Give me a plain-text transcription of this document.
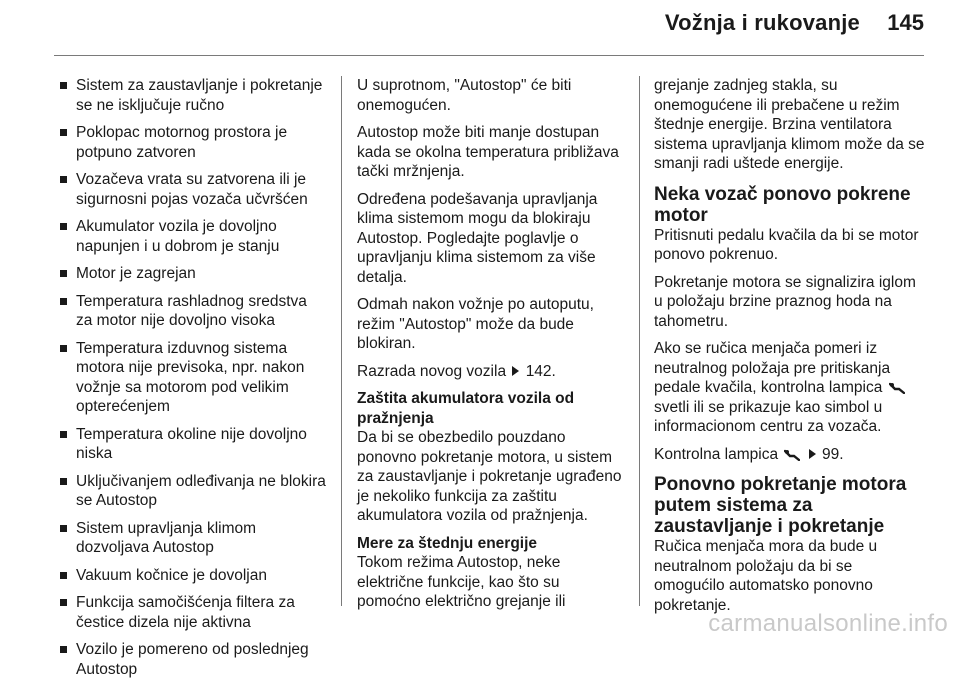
Vožnja i rukovanje	145
Sistem za zaustavljanje i pokretanje se ne isključuje ručno
Poklopac motornog prostora je potpuno zatvoren
Vozačeva vrata su zatvorena ili je sigurnosni pojas vozača učvršćen
Akumulator vozila je dovoljno napunjen i u dobrom je stanju
Motor je zagrejan
Temperatura rashladnog sredstva za motor nije dovoljno visoka
Temperatura izduvnog sistema motora nije previsoka, npr. nakon vožnje sa motorom pod velikim opterećenjem
Temperatura okoline nije dovoljno niska
Uključivanjem odleđivanja ne blokira se Autostop
Sistem upravljanja klimom dozvoljava Autostop
Vakuum kočnice je dovoljan
Funkcija samočišćenja filtera za čestice dizela nije aktivna
Vozilo je pomereno od poslednjeg Autostop

U suprotnom, "Autostop" će biti onemogućen.

Autostop može biti manje dostupan kada se okolna temperatura približava tački mržnjenja.

Određena podešavanja upravljanja klima sistemom mogu da blokiraju Autostop. Pogledajte poglavlje o upravljanju klima sistemom za više detalja.

Odmah nakon vožnje po autoputu, režim "Autostop" može da bude blokiran.

Razrada novog vozila 142.

Zaštita akumulatora vozila od pražnjenja

Da bi se obezbedilo pouzdano ponovno pokretanje motora, u sistem za zaustavljanje i pokretanje ugrađeno je nekoliko funkcija za zaštitu akumulatora vozila od pražnjenja.

Mere za štednju energije

Tokom režima Autostop, neke električne funkcije, kao što su pomoćno električno grejanje ili

grejanje zadnjeg stakla, su onemogućene ili prebačene u režim štednje energije. Brzina ventilatora sistema upravljanja klimom može da se smanji radi uštede energije.

Neka vozač ponovo pokrene motor

Pritisnuti pedalu kvačila da bi se motor ponovo pokrenuo.

Pokretanje motora se signalizira iglom u položaju brzine praznog hoda na tahometru.

Ako se ručica menjača pomeri iz neutralnog položaja pre pritiskanja pedale kvačila, kontrolna lampica  svetli ili se prikazuje kao simbol u informacionom centru za vozača.

Kontrolna lampica	99.

Ponovno pokretanje motora putem sistema za zaustavljanje i pokretanje

Ručica menjača mora da bude u neutralnom položaju da bi se omogućilo automatsko ponovno pokretanje.

carmanualsonline.info
